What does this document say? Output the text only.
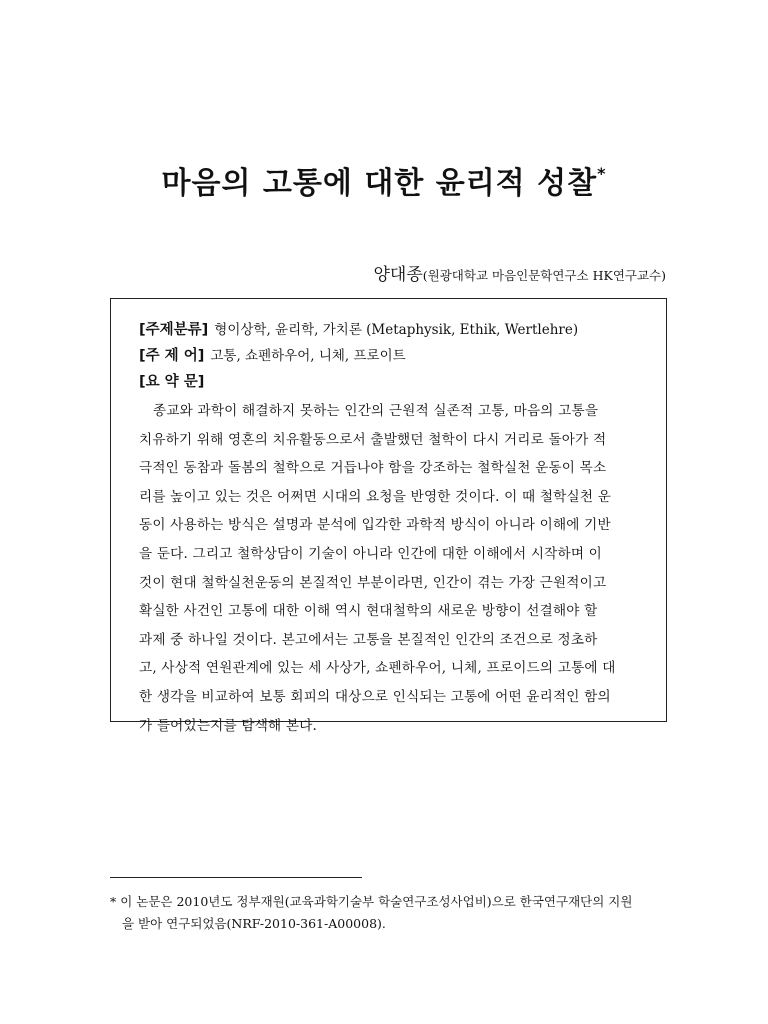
마음의 고통에 대한 윤리적 성찰*
양대종(원광대학교 마음인문학연구소 HK연구교수)
[주제분류] 형이상학, 윤리학, 가치론 (Metaphysik, Ethik, Wertlehre)
[주 제 어] 고통, 쇼펜하우어, 니체, 프로이트
[요 약 문]
종교와 과학이 해결하지 못하는 인간의 근원적 실존적 고통, 마음의 고통을
치유하기 위해 영혼의 치유활동으로서 출발했던 철학이 다시 거리로 돌아가 적
극적인 동참과 돌봄의 철학으로 거듭나야 함을 강조하는 철학실천 운동이 목소
리를 높이고 있는 것은 어쩌면 시대의 요청을 반영한 것이다. 이 때 철학실천 운
동이 사용하는 방식은 설명과 분석에 입각한 과학적 방식이 아니라 이해에 기반
을 둔다. 그리고 철학상담이 기술이 아니라 인간에 대한 이해에서 시작하며 이
것이 현대 철학실천운동의 본질적인 부분이라면, 인간이 겪는 가장 근원적이고
확실한 사건인 고통에 대한 이해 역시 현대철학의 새로운 방향이 선결해야 할
과제 중 하나일 것이다. 본고에서는 고통을 본질적인 인간의 조건으로 정초하
고, 사상적 연원관계에 있는 세 사상가, 쇼펜하우어, 니체, 프로이드의 고통에 대
한 생각을 비교하여 보통 회피의 대상으로 인식되는 고통에 어떤 윤리적인 함의
가 들어있는지를 탐색해 본다.
* 이 논문은 2010년도 정부재원(교육과학기술부 학술연구조성사업비)으로 한국연구재단의 지원
을 받아 연구되었음(NRF-2010-361-A00008).
